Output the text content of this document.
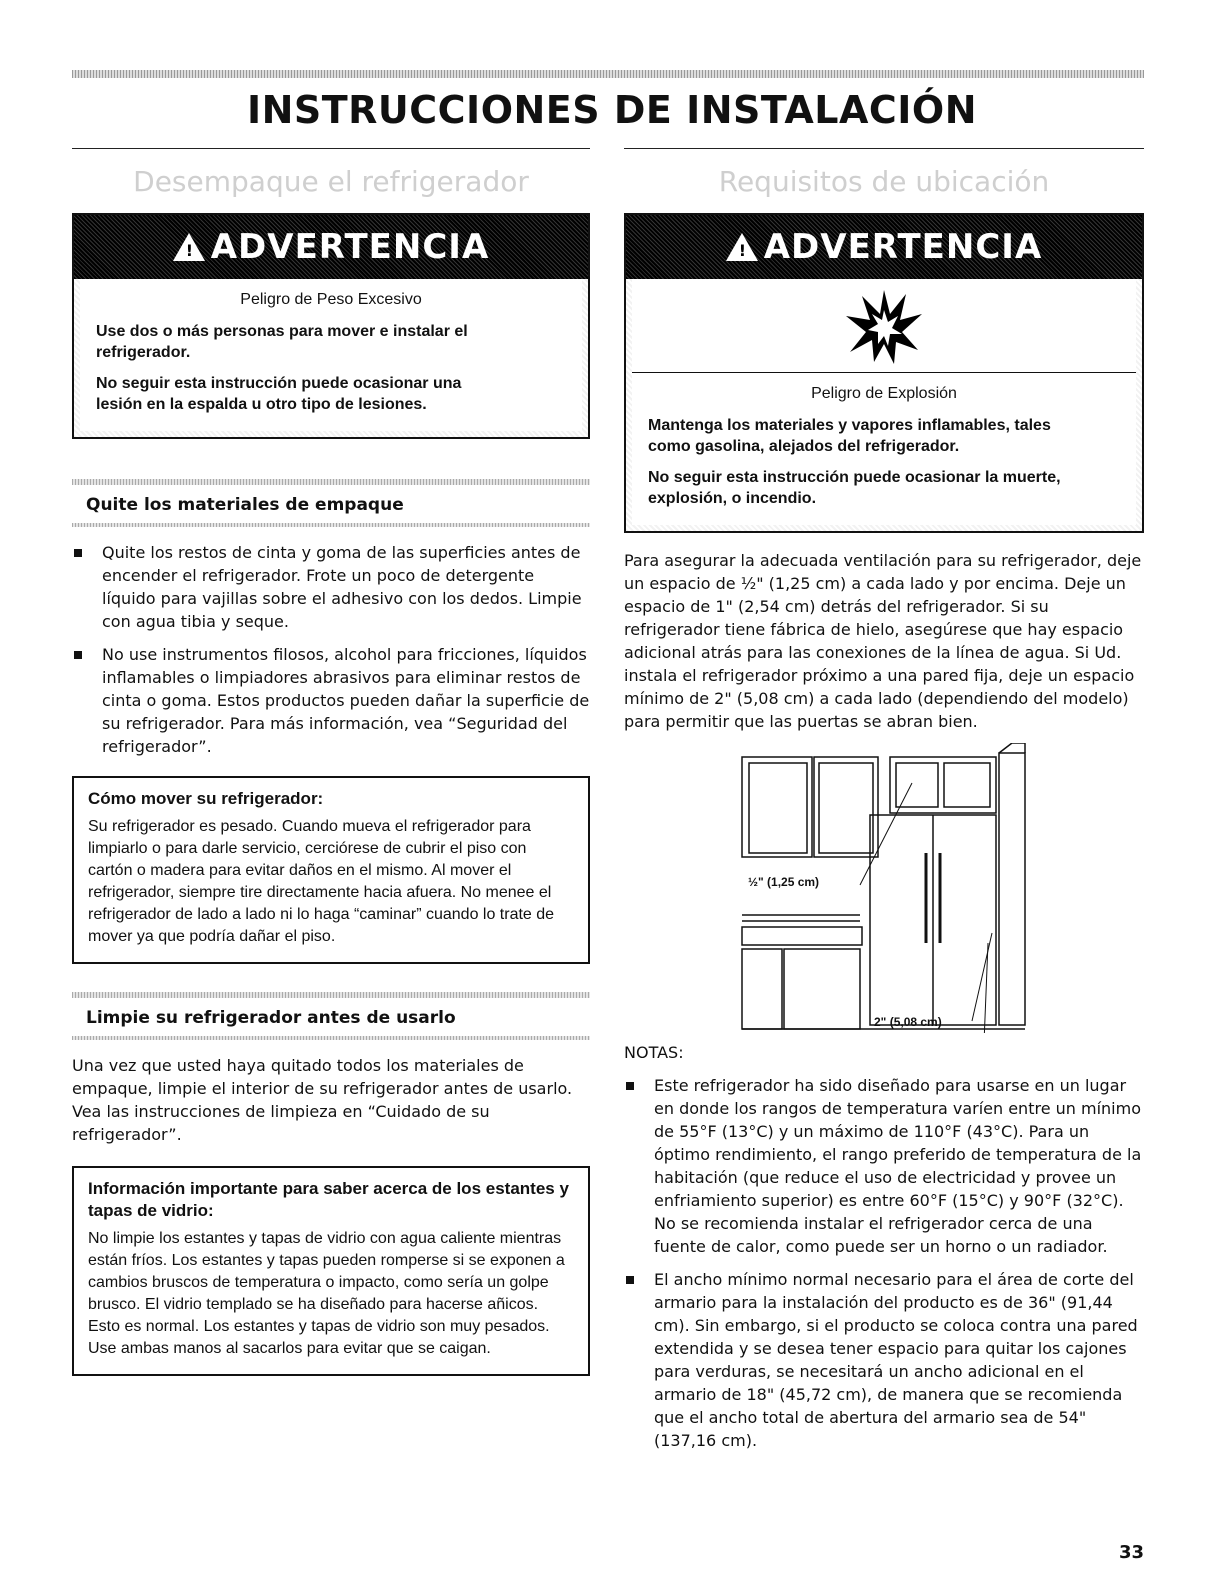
INSTRUCCIONES DE INSTALACIÓN
Desempaque el refrigerador
!
ADVERTENCIA
Peligro de Peso Excesivo
Use dos o más personas para mover e instalar el refrigerador.
No seguir esta instrucción puede ocasionar una lesión en la espalda u otro tipo de lesiones.
Quite los materiales de empaque
Quite los restos de cinta y goma de las superficies antes de encender el refrigerador. Frote un poco de detergente líquido para vajillas sobre el adhesivo con los dedos. Limpie con agua tibia y seque.
No use instrumentos filosos, alcohol para fricciones, líquidos inflamables o limpiadores abrasivos para eliminar restos de cinta o goma. Estos productos pueden dañar la superficie de su refrigerador. Para más información, vea “Seguridad del refrigerador”.
Cómo mover su refrigerador:
Su refrigerador es pesado. Cuando mueva el refrigerador para limpiarlo o para darle servicio, cerciórese de cubrir el piso con cartón o madera para evitar daños en el mismo. Al mover el refrigerador, siempre tire directamente hacia afuera. No menee el refrigerador de lado a lado ni lo haga “caminar” cuando lo trate de mover ya que podría dañar el piso.
Limpie su refrigerador antes de usarlo
Una vez que usted haya quitado todos los materiales de empaque, limpie el interior de su refrigerador antes de usarlo. Vea las instrucciones de limpieza en “Cuidado de su refrigerador”.
Información importante para saber acerca de los estantes y tapas de vidrio:
No limpie los estantes y tapas de vidrio con agua caliente mientras están fríos. Los estantes y tapas pueden romperse si se exponen a cambios bruscos de temperatura o impacto, como sería un golpe brusco. El vidrio templado se ha diseñado para hacerse añicos. Esto es normal. Los estantes y tapas de vidrio son muy pesados. Use ambas manos al sacarlos para evitar que se caigan.
Requisitos de ubicación
!
ADVERTENCIA
Peligro de Explosión
Mantenga los materiales y vapores inflamables, tales como gasolina, alejados del refrigerador.
No seguir esta instrucción puede ocasionar la muerte, explosión, o incendio.
Para asegurar la adecuada ventilación para su refrigerador, deje un espacio de ½" (1,25 cm) a cada lado y por encima. Deje un espacio de 1" (2,54 cm) detrás del refrigerador. Si su refrigerador tiene fábrica de hielo, asegúrese que hay espacio adicional atrás para las conexiones de la línea de agua. Si Ud. instala el refrigerador próximo a una pared fija, deje un espacio mínimo de 2" (5,08 cm) a cada lado (dependiendo del modelo) para permitir que las puertas se abran bien.
½" (1,25 cm)
2" (5,08 cm)
NOTAS:
Este refrigerador ha sido diseñado para usarse en un lugar en donde los rangos de temperatura varíen entre un mínimo de 55°F (13°C) y un máximo de 110°F (43°C). Para un óptimo rendimiento, el rango preferido de temperatura de la habitación (que reduce el uso de electricidad y provee un enfriamiento superior) es entre 60°F (15°C) y 90°F (32°C). No se recomienda instalar el refrigerador cerca de una fuente de calor, como puede ser un horno o un radiador.
El ancho mínimo normal necesario para el área de corte del armario para la instalación del producto es de 36" (91,44 cm). Sin embargo, si el producto se coloca contra una pared extendida y se desea tener espacio para quitar los cajones para verduras, se necesitará un ancho adicional en el armario de 18" (45,72 cm), de manera que se recomienda que el ancho total de abertura del armario sea de 54" (137,16 cm).
33
